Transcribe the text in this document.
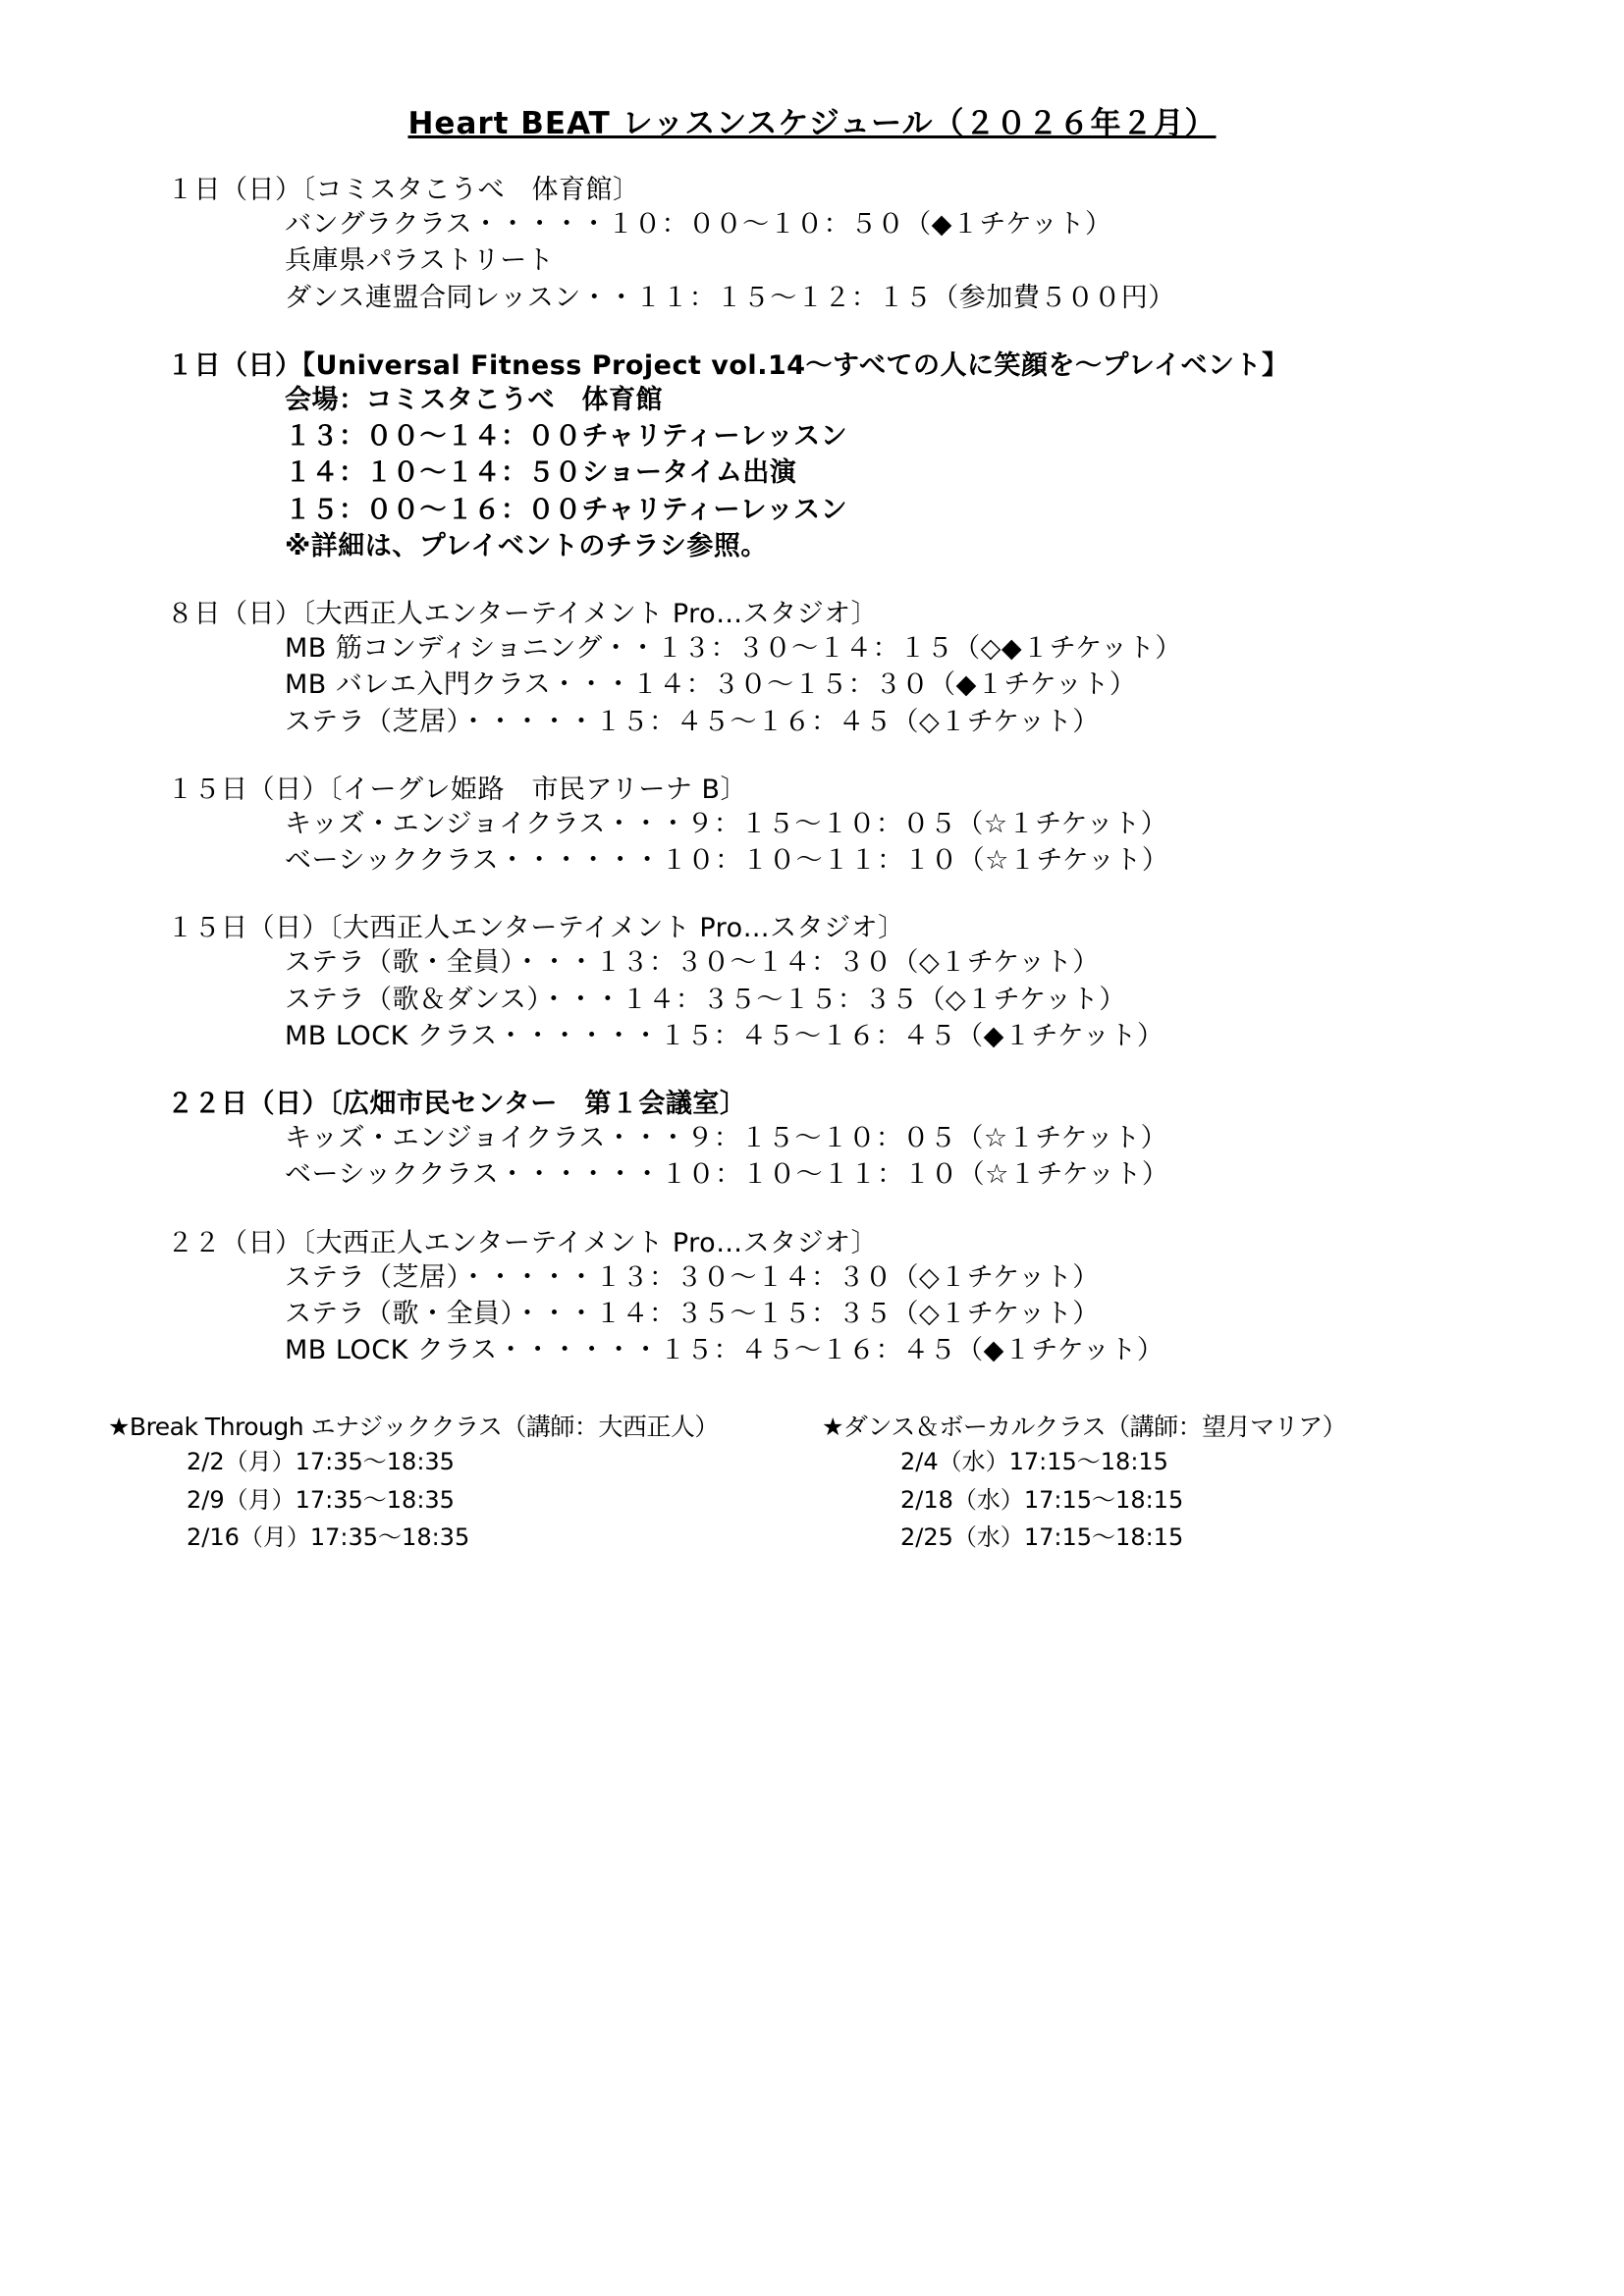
Heart BEAT レッスンスケジュール（２０２６年２月）
１日（日）〔コミスタこうべ　体育館〕
バングラクラス・・・・・１０：００〜１０：５０（◆１チケット）
兵庫県パラストリート
ダンス連盟合同レッスン・・１１：１５〜１２：１５（参加費５００円）
１日（日）【Universal Fitness Project vol.14〜すべての人に笑顔を〜プレイベント】
会場：コミスタこうべ　体育館
１３：００〜１４：００チャリティーレッスン
１４：１０〜１４：５０ショータイム出演
１５：００〜１６：００チャリティーレッスン
※詳細は、プレイベントのチラシ参照。
８日（日）〔大西正人エンターテイメント Pro…スタジオ〕
MB 筋コンディショニング・・１３：３０〜１４：１５（◇◆１チケット）
MB バレエ入門クラス・・・１４：３０〜１５：３０（◆１チケット）
ステラ（芝居）・・・・・１５：４５〜１６：４５（◇１チケット）
１５日（日）〔イーグレ姫路　市民アリーナ B〕
キッズ・エンジョイクラス・・・９：１５〜１０：０５（☆１チケット）
ベーシッククラス・・・・・・１０：１０〜１１：１０（☆１チケット）
１５日（日）〔大西正人エンターテイメント Pro…スタジオ〕
ステラ（歌・全員）・・・１３：３０〜１４：３０（◇１チケット）
ステラ（歌＆ダンス）・・・１４：３５〜１５：３５（◇１チケット）
MB LOCK クラス・・・・・・１５：４５〜１６：４５（◆１チケット）
２２日（日）〔広畑市民センター　第１会議室〕
キッズ・エンジョイクラス・・・９：１５〜１０：０５（☆１チケット）
ベーシッククラス・・・・・・１０：１０〜１１：１０（☆１チケット）
２２（日）〔大西正人エンターテイメント Pro…スタジオ〕
ステラ（芝居）・・・・・１３：３０〜１４：３０（◇１チケット）
ステラ（歌・全員）・・・１４：３５〜１５：３５（◇１チケット）
MB LOCK クラス・・・・・・１５：４５〜１６：４５（◆１チケット）
★Break Through エナジッククラス（講師：大西正人）	★ダンス＆ボーカルクラス（講師：望月マリア）
2/2（月）17:35〜18:35	2/4（水）17:15〜18:15
2/9（月）17:35〜18:35	2/18（水）17:15〜18:15
2/16（月）17:35〜18:35	2/25（水）17:15〜18:15
